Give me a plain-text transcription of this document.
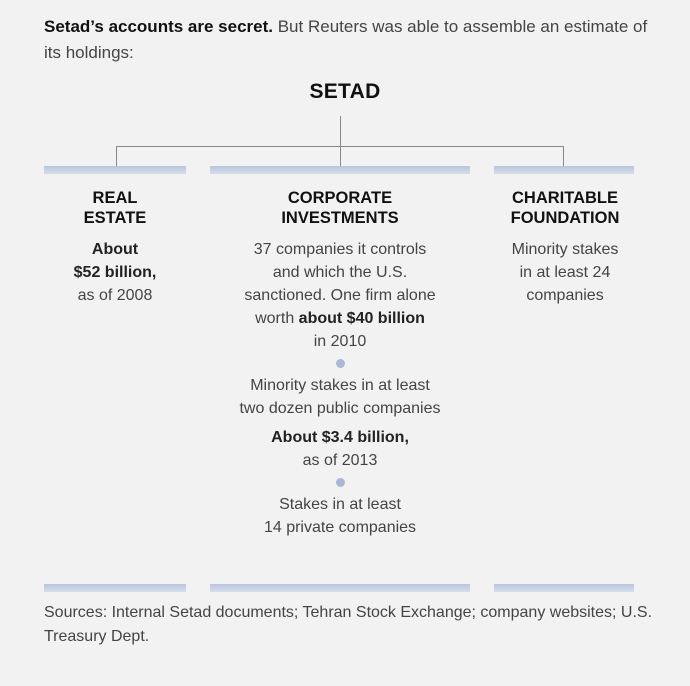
Setad’s accounts are secret. But Reuters was able to assemble an estimate of its holdings:
SETAD
REAL
ESTATE
About
$52 billion,
as of 2008
CORPORATE
INVESTMENTS
37 companies it controls
and which the U.S.
sanctioned. One firm alone
worth about $40 billion
in 2010
Minority stakes in at least
two dozen public companies
About $3.4 billion,
as of 2013
Stakes in at least
14 private companies
CHARITABLE
FOUNDATION
Minority stakes
in at least 24
companies
Sources: Internal Setad documents; Tehran Stock Exchange; company websites; U.S. Treasury Dept.
